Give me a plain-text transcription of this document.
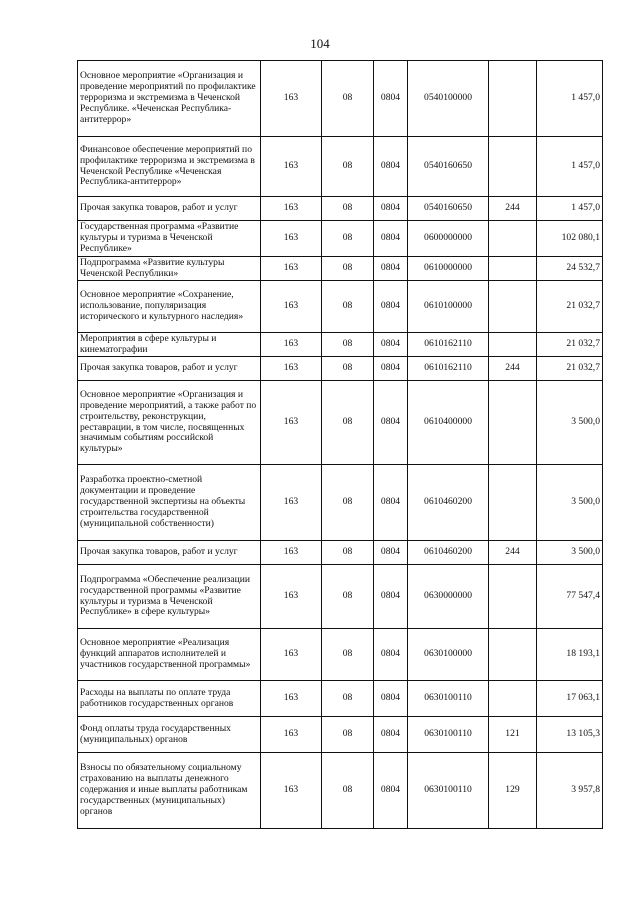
104
Основное мероприятие «Организация и проведение мероприятий по профилактике терроризма и экстремизма в Чеченской Республике. «Чеченская Республика-антитеррор»	163	08	0804	0540100000		1 457,0
Финансовое обеспечение мероприятий по профилактике терроризма и экстремизма в Чеченской Республике «Чеченская Республика-антитеррор»	163	08	0804	0540160650		1 457,0
Прочая закупка товаров, работ и услуг	163	08	0804	0540160650	244	1 457,0
Государственная программа «Развитие культуры и туризма в Чеченской Республике»	163	08	0804	0600000000		102 080,1
Подпрограмма «Развитие культуры Чеченской Республики»	163	08	0804	0610000000		24 532,7
Основное мероприятие «Сохранение, использование, популяризация исторического и культурного наследия»	163	08	0804	0610100000		21 032,7
Мероприятия в сфере культуры и кинематографии	163	08	0804	0610162110		21 032,7
Прочая закупка товаров, работ и услуг	163	08	0804	0610162110	244	21 032,7
Основное мероприятие «Организация и проведение мероприятий, а также работ по строительству, реконструкции, реставрации, в том числе, посвященных значимым событиям российской культуры»	163	08	0804	0610400000		3 500,0
Разработка проектно-сметной документации и проведение государственной экспертизы на объекты строительства государственной (муниципальной собственности)	163	08	0804	0610460200		3 500,0
Прочая закупка товаров, работ и услуг	163	08	0804	0610460200	244	3 500,0
Подпрограмма «Обеспечение реализации государственной программы «Развитие культуры и туризма в Чеченской Республике» в сфере культуры»	163	08	0804	0630000000		77 547,4
Основное мероприятие «Реализация функций аппаратов исполнителей и участников государственной программы»	163	08	0804	0630100000		18 193,1
Расходы на выплаты по оплате труда работников государственных органов	163	08	0804	0630100110		17 063,1
Фонд оплаты труда государственных (муниципальных) органов	163	08	0804	0630100110	121	13 105,3
Взносы по обязательному социальному страхованию на выплаты денежного содержания и иные выплаты работникам государственных (муниципальных) органов	163	08	0804	0630100110	129	3 957,8
